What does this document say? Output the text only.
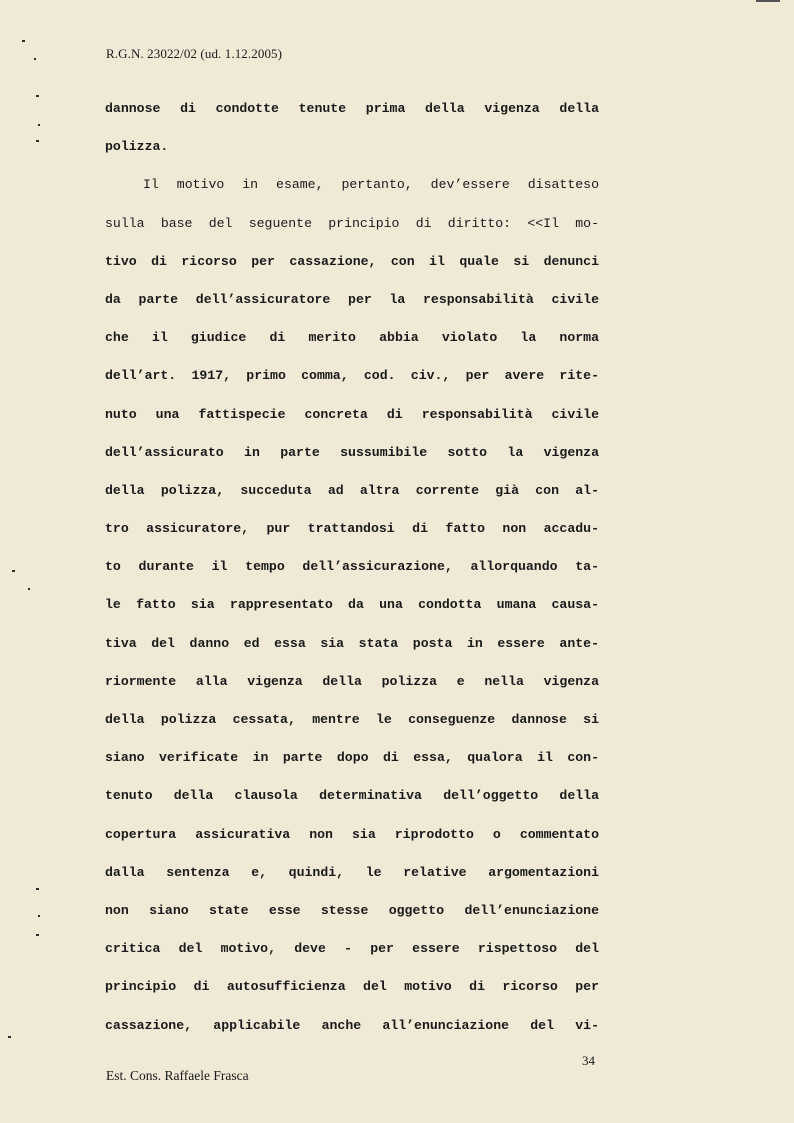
R.G.N. 23022/02 (ud. 1.12.2005)
dannose di condotte tenute prima della vigenza della
polizza.
Il motivo in esame, pertanto, dev’essere disatteso
sulla base del seguente principio di diritto: <<Il mo-
tivo di ricorso per cassazione, con il quale si denunci
da parte dell’assicuratore per la responsabilità civile
che il giudice di merito abbia violato la norma
dell’art. 1917, primo comma, cod. civ., per avere rite-
nuto una fattispecie concreta di responsabilità civile
dell’assicurato in parte sussumibile sotto la vigenza
della polizza, succeduta ad altra corrente già con al-
tro assicuratore, pur trattandosi di fatto non accadu-
to durante il tempo dell’assicurazione, allorquando ta-
le fatto sia rappresentato da una condotta umana causa-
tiva del danno ed essa sia stata posta in essere ante-
riormente alla vigenza della polizza e nella vigenza
della polizza cessata, mentre le conseguenze dannose si
siano verificate in parte dopo di essa, qualora il con-
tenuto della clausola determinativa dell’oggetto della
copertura assicurativa non sia riprodotto o commentato
dalla sentenza e, quindi, le relative argomentazioni
non siano state esse stesse oggetto dell’enunciazione
critica del motivo, deve - per essere rispettoso del
principio di autosufficienza del motivo di ricorso per
cassazione, applicabile anche all’enunciazione del vi-
34
Est. Cons. Raffaele Frasca
